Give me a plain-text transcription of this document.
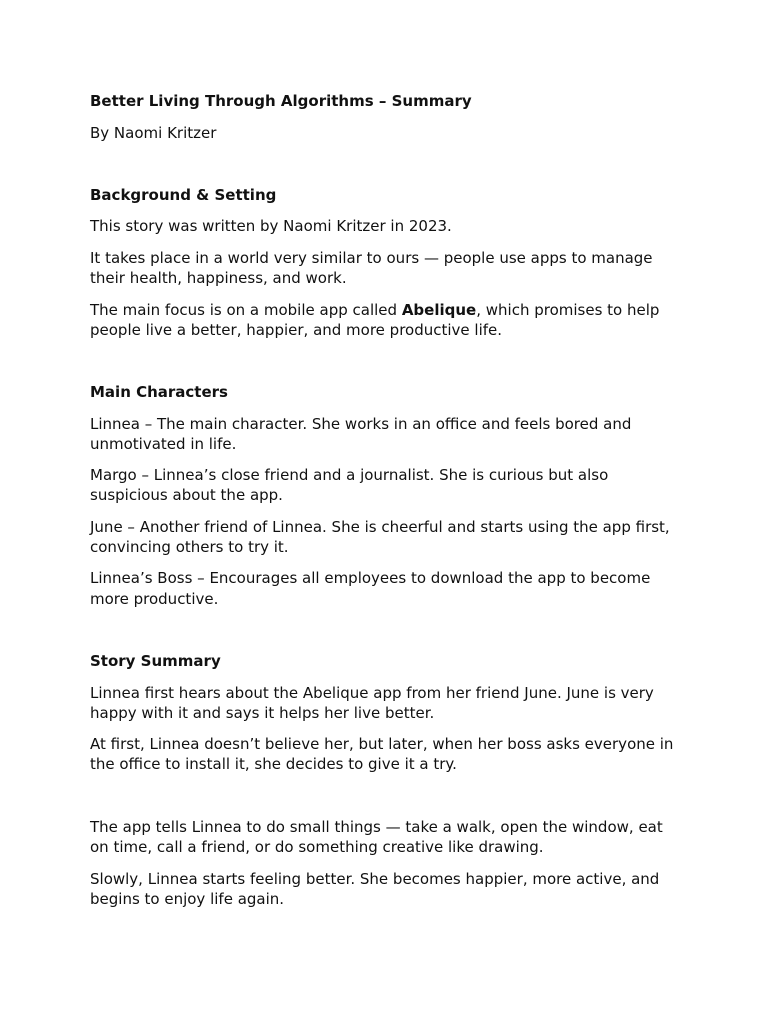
Better Living Through Algorithms – Summary

By Naomi Kritzer

Background & Setting

This story was written by Naomi Kritzer in 2023.

It takes place in a world very similar to ours — people use apps to manage

their health, happiness, and work.

The main focus is on a mobile app called Abelique, which promises to help

people live a better, happier, and more productive life.

Main Characters

Linnea – The main character. She works in an office and feels bored and

unmotivated in life.

Margo – Linnea’s close friend and a journalist. She is curious but also

suspicious about the app.

June – Another friend of Linnea. She is cheerful and starts using the app first,

convincing others to try it.

Linnea’s Boss – Encourages all employees to download the app to become

more productive.

Story Summary

Linnea first hears about the Abelique app from her friend June. June is very

happy with it and says it helps her live better.

At first, Linnea doesn’t believe her, but later, when her boss asks everyone in

the office to install it, she decides to give it a try.

The app tells Linnea to do small things — take a walk, open the window, eat

on time, call a friend, or do something creative like drawing.

Slowly, Linnea starts feeling better. She becomes happier, more active, and

begins to enjoy life again.
